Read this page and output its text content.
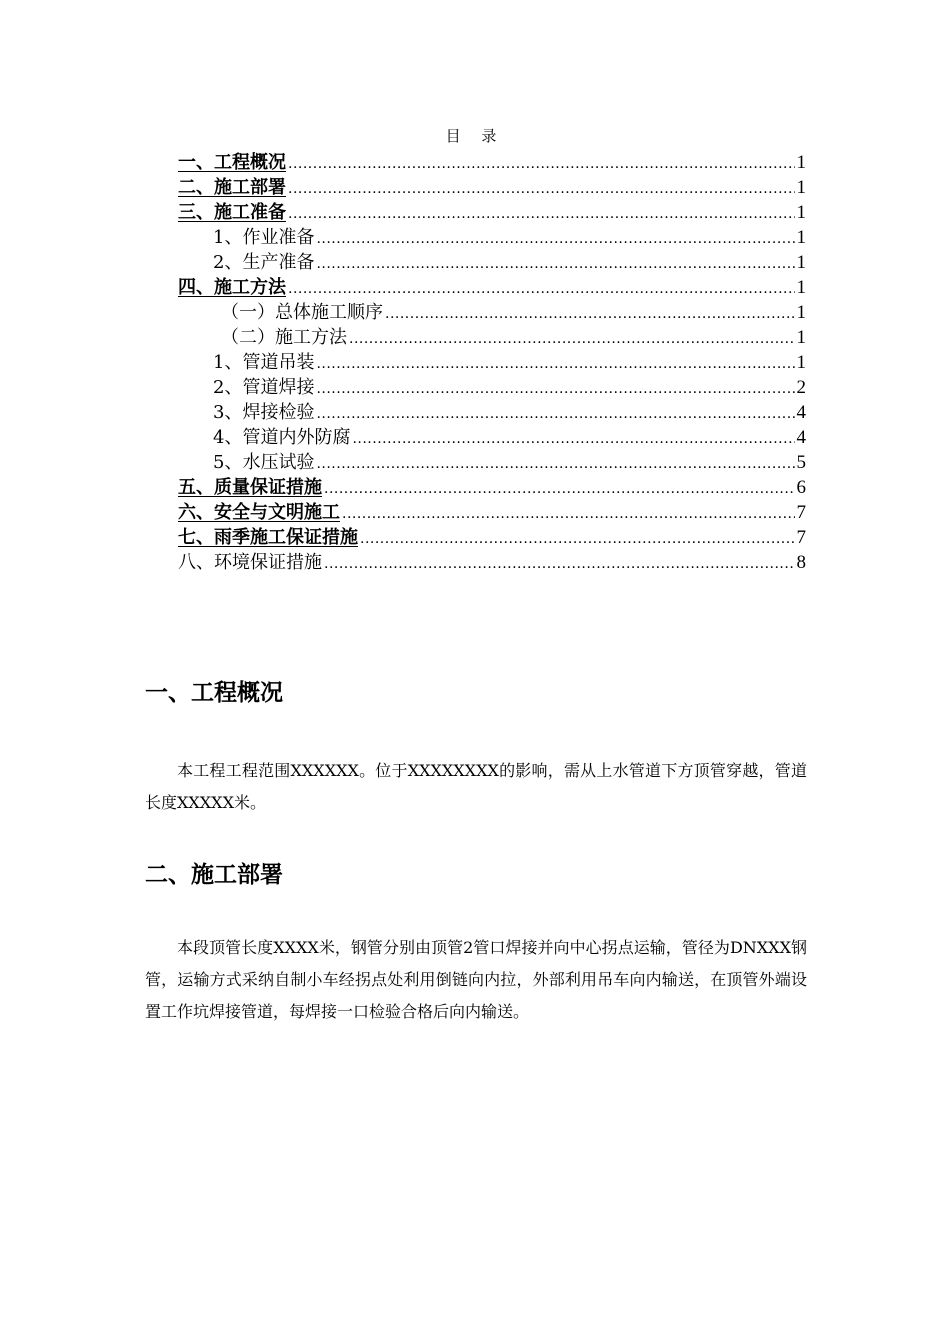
目 录
一、工程概况 .....	1
二、施工部署 .....	1
三、施工准备 .....	1
1、作业准备 .....	1
2、生产准备 .....	1
四、施工方法 .....	1
（一）总体施工顺序 .....	1
（二）施工方法 .....	1
1、管道吊装 .....	1
2、管道焊接 .....	2
3、焊接检验 .....	4
4、管道内外防腐 .....	4
5、水压试验 .....	5
五、质量保证措施 .....	6
六、安全与文明施工 .....	7
七、雨季施工保证措施 .....	7
八、环境保证措施 .....	8
一、工程概况
本工程工程范围XXXXXX。位于XXXXXXXX的影响，需从上水管道下方顶管穿越，管道长度XXXXX米。
二、施工部署
本段顶管长度XXXX米，钢管分别由顶管2管口焊接并向中心拐点运输，管径为DNXXX钢管，运输方式采纳自制小车经拐点处利用倒链向内拉，外部利用吊车向内输送，在顶管外端设置工作坑焊接管道，每焊接一口检验合格后向内输送。
